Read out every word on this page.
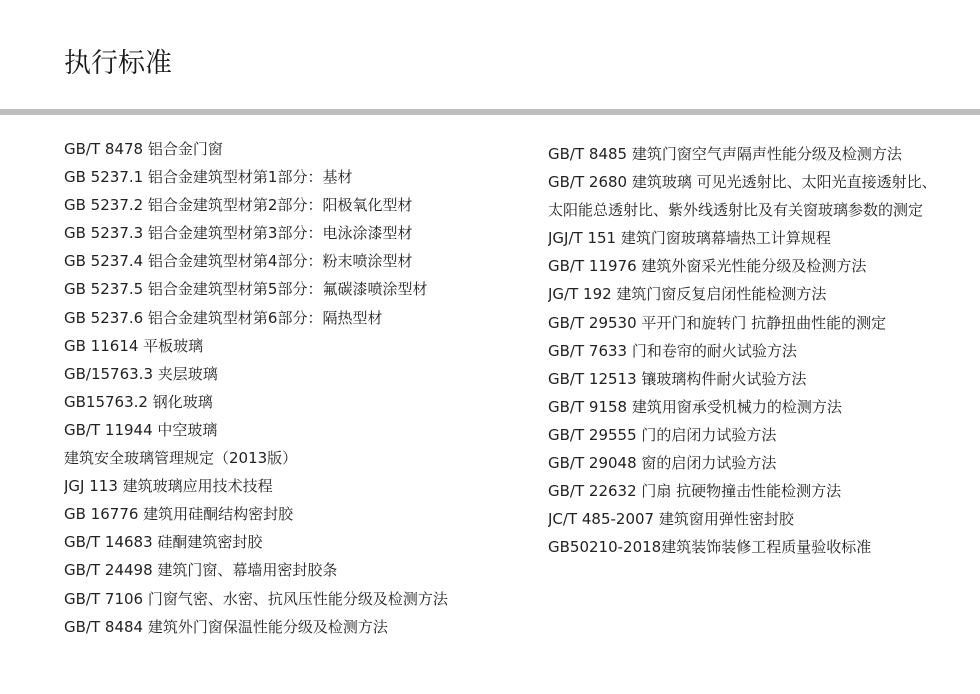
执行标准
GB/T 8478 铝合金门窗
GB 5237.1 铝合金建筑型材第1部分：基材
GB 5237.2 铝合金建筑型材第2部分：阳极氧化型材
GB 5237.3 铝合金建筑型材第3部分：电泳涂漆型材
GB 5237.4 铝合金建筑型材第4部分：粉末喷涂型材
GB 5237.5 铝合金建筑型材第5部分：氟碳漆喷涂型材
GB 5237.6 铝合金建筑型材第6部分：隔热型材
GB 11614 平板玻璃
GB/15763.3 夹层玻璃
GB15763.2 钢化玻璃
GB/T 11944 中空玻璃
建筑安全玻璃管理规定（2013版）
JGJ 113 建筑玻璃应用技术技程
GB 16776 建筑用硅酮结构密封胶
GB/T 14683 硅酮建筑密封胶
GB/T 24498 建筑门窗、幕墙用密封胶条
GB/T 7106 门窗气密、水密、抗风压性能分级及检测方法
GB/T 8484 建筑外门窗保温性能分级及检测方法
GB/T 8485 建筑门窗空气声隔声性能分级及检测方法
GB/T 2680 建筑玻璃 可见光透射比、太阳光直接透射比、
太阳能总透射比、紫外线透射比及有关窗玻璃参数的测定
JGJ/T 151 建筑门窗玻璃幕墙热工计算规程
GB/T 11976 建筑外窗采光性能分级及检测方法
JG/T 192 建筑门窗反复启闭性能检测方法
GB/T 29530 平开门和旋转门 抗静扭曲性能的测定
GB/T 7633 门和卷帘的耐火试验方法
GB/T 12513 镶玻璃构件耐火试验方法
GB/T 9158 建筑用窗承受机械力的检测方法
GB/T 29555 门的启闭力试验方法
GB/T 29048 窗的启闭力试验方法
GB/T 22632 门扇 抗硬物撞击性能检测方法
JC/T 485-2007 建筑窗用弹性密封胶
GB50210-2018建筑装饰装修工程质量验收标准
